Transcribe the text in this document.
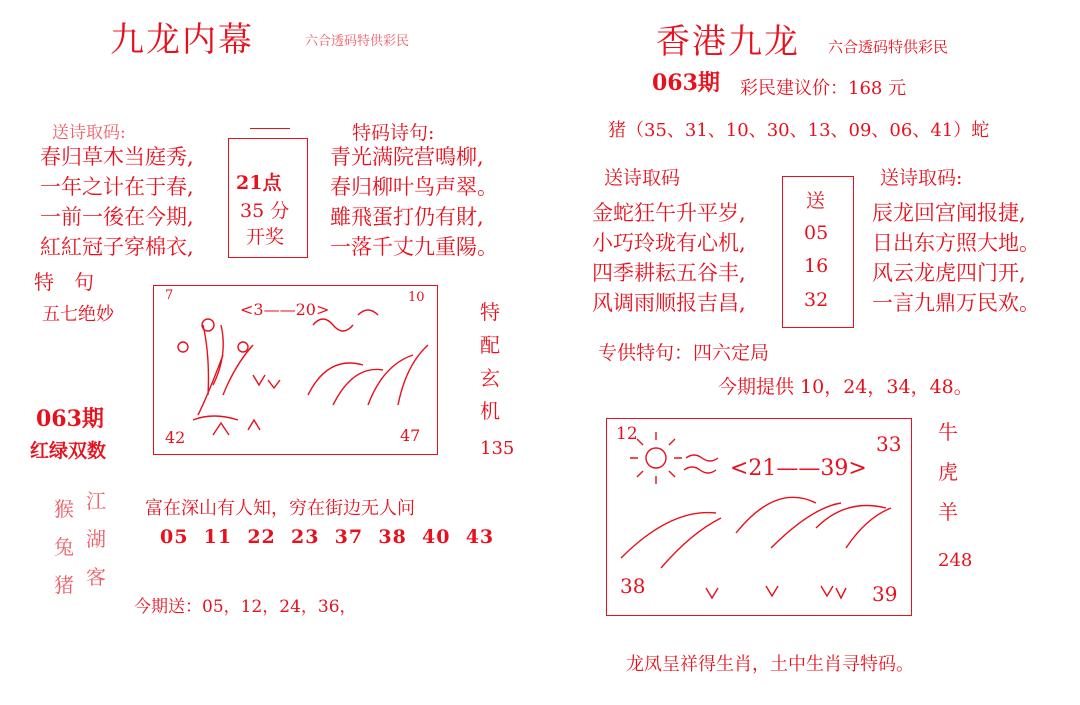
九龙内幕	六合透码特供彩民
送诗取码:
春归草木当庭秀,
一年之计在于春,
一前一後在今期,
紅紅冠子穿棉衣,
21点
35 分
开奖
特码诗句:
青光满院营鳴柳,
春归柳叶鸟声翠。
雖飛蛋打仍有財,
一落千丈九重陽。
特　句
五七绝妙
7	10
<3——20>
42	47
特
配
玄
机
135
063期
红绿双数
猴
兔
猪
江
湖
客
富在深山有人知，穷在街边无人问
05  11  22  23  37  38  40  43
今期送：05，12，24，36，
香港九龙 六合透码特供彩民
063期 彩民建议价：168 元
猪（35、31、10、30、13、09、06、41）蛇
送诗取码	送诗取码:
金蛇狂午升平岁,
小巧玲珑有心机,
四季耕耘五谷丰,
风调雨顺报吉昌,
送
05
16
32
辰龙回宫闻报捷,
日出东方照大地。
风云龙虎四门开,
一言九鼎万民欢。
专供特句：四六定局
今期提供 10，24，34，48。
12	33
<21——39>
38	39
牛
虎
羊
248
龙凤呈祥得生肖，土中生肖寻特码。
